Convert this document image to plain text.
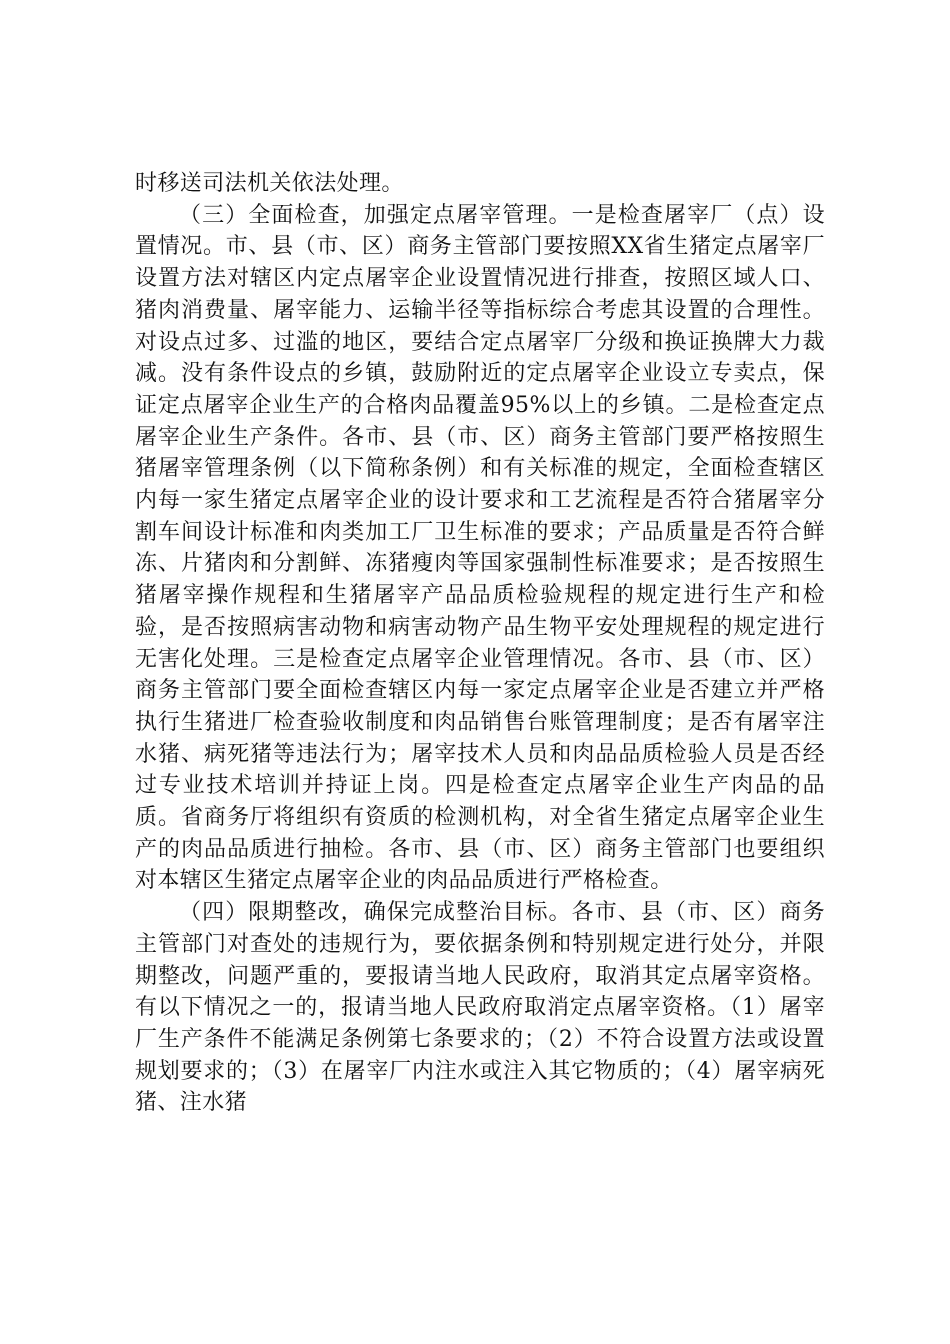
时移送司法机关依法处理。

（三）全面检查，加强定点屠宰管理。一是检查屠宰厂（点）设置情况。市、县（市、区）商务主管部门要按照XX省生猪定点屠宰厂设置方法对辖区内定点屠宰企业设置情况进行排查，按照区域人口、猪肉消费量、屠宰能力、运输半径等指标综合考虑其设置的合理性。对设点过多、过滥的地区，要结合定点屠宰厂分级和换证换牌大力裁减。没有条件设点的乡镇，鼓励附近的定点屠宰企业设立专卖点，保证定点屠宰企业生产的合格肉品覆盖95%以上的乡镇。二是检查定点屠宰企业生产条件。各市、县（市、区）商务主管部门要严格按照生猪屠宰管理条例（以下简称条例）和有关标准的规定，全面检查辖区内每一家生猪定点屠宰企业的设计要求和工艺流程是否符合猪屠宰分割车间设计标准和肉类加工厂卫生标准的要求；产品质量是否符合鲜冻、片猪肉和分割鲜、冻猪瘦肉等国家强制性标准要求；是否按照生猪屠宰操作规程和生猪屠宰产品品质检验规程的规定进行生产和检验，是否按照病害动物和病害动物产品生物平安处理规程的规定进行无害化处理。三是检查定点屠宰企业管理情况。各市、县（市、区）商务主管部门要全面检查辖区内每一家定点屠宰企业是否建立并严格执行生猪进厂检查验收制度和肉品销售台账管理制度；是否有屠宰注水猪、病死猪等违法行为；屠宰技术人员和肉品品质检验人员是否经过专业技术培训并持证上岗。四是检查定点屠宰企业生产肉品的品质。省商务厅将组织有资质的检测机构，对全省生猪定点屠宰企业生产的肉品品质进行抽检。各市、县（市、区）商务主管部门也要组织对本辖区生猪定点屠宰企业的肉品品质进行严格检查。

（四）限期整改，确保完成整治目标。各市、县（市、区）商务主管部门对查处的违规行为，要依据条例和特别规定进行处分，并限期整改，问题严重的，要报请当地人民政府，取消其定点屠宰资格。有以下情况之一的，报请当地人民政府取消定点屠宰资格。（1）屠宰厂生产条件不能满足条例第七条要求的；（2）不符合设置方法或设置规划要求的；（3）在屠宰厂内注水或注入其它物质的；（4）屠宰病死猪、注水猪
